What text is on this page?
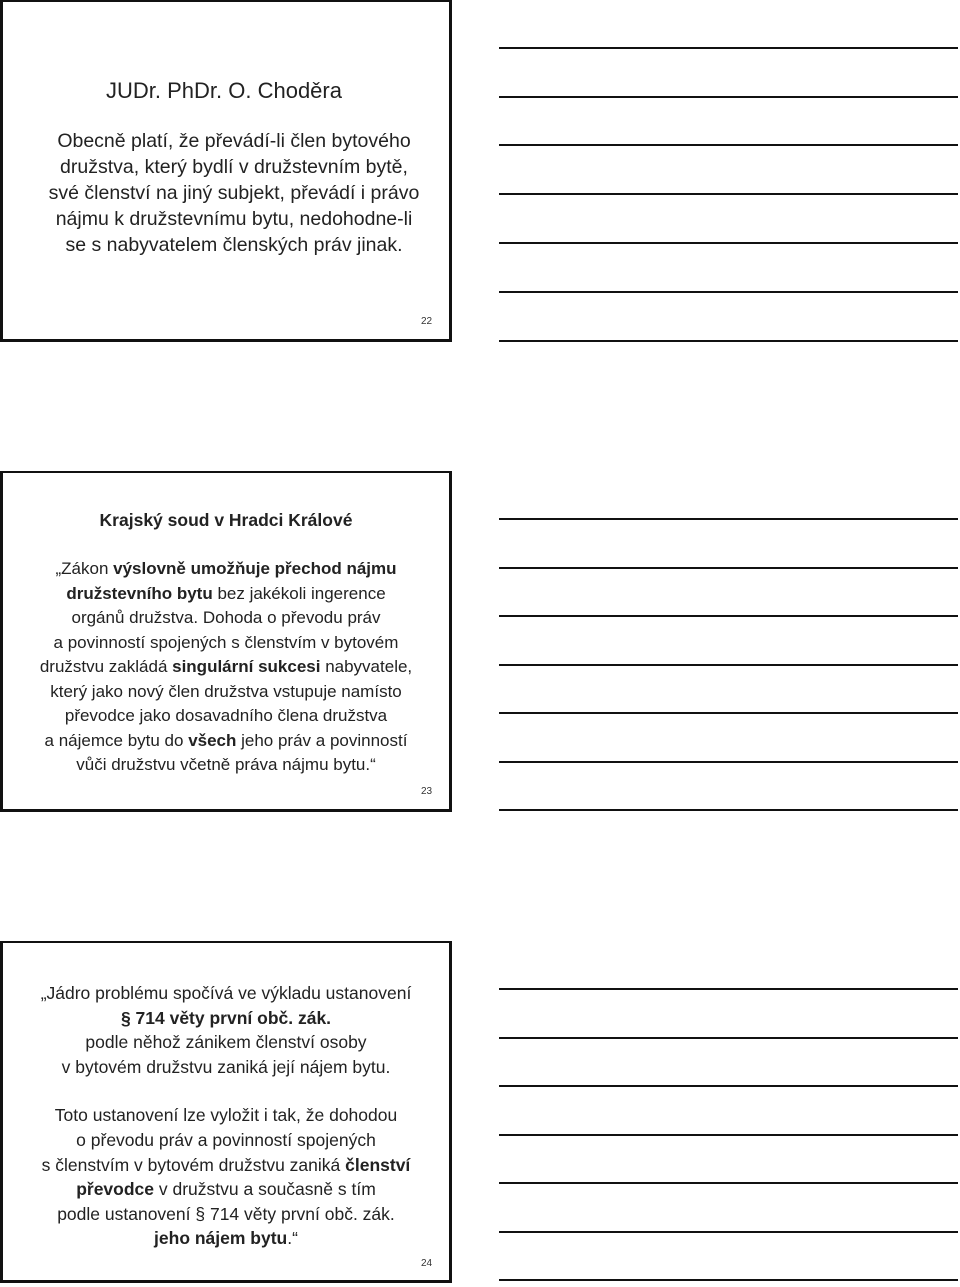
JUDr. PhDr. O. Choděra
Obecně platí, že převádí-li člen bytového
družstva, který bydlí v družstevním bytě,
své členství na jiný subjekt, převádí i právo
nájmu k družstevnímu bytu, nedohodne-li
se s nabyvatelem členských práv jinak.
22
Krajský soud v Hradci Králové
„Zákon výslovně umožňuje přechod nájmu
družstevního bytu bez jakékoli ingerence
orgánů družstva. Dohoda o převodu práv
a povinností spojených s členstvím v bytovém
družstvu zakládá singulární sukcesi nabyvatele,
který jako nový člen družstva vstupuje namísto
převodce jako dosavadního člena družstva
a nájemce bytu do všech jeho práv a povinností
vůči družstvu včetně práva nájmu bytu.“
23
„Jádro problému spočívá ve výkladu ustanovení
§ 714 věty první obč. zák.
podle něhož zánikem členství osoby
v bytovém družstvu zaniká její nájem bytu.
Toto ustanovení lze vyložit i tak, že dohodou
o převodu práv a povinností spojených
s členstvím v bytovém družstvu zaniká členství
převodce v družstvu a současně s tím
podle ustanovení § 714 věty první obč. zák.
jeho nájem bytu.“
24
